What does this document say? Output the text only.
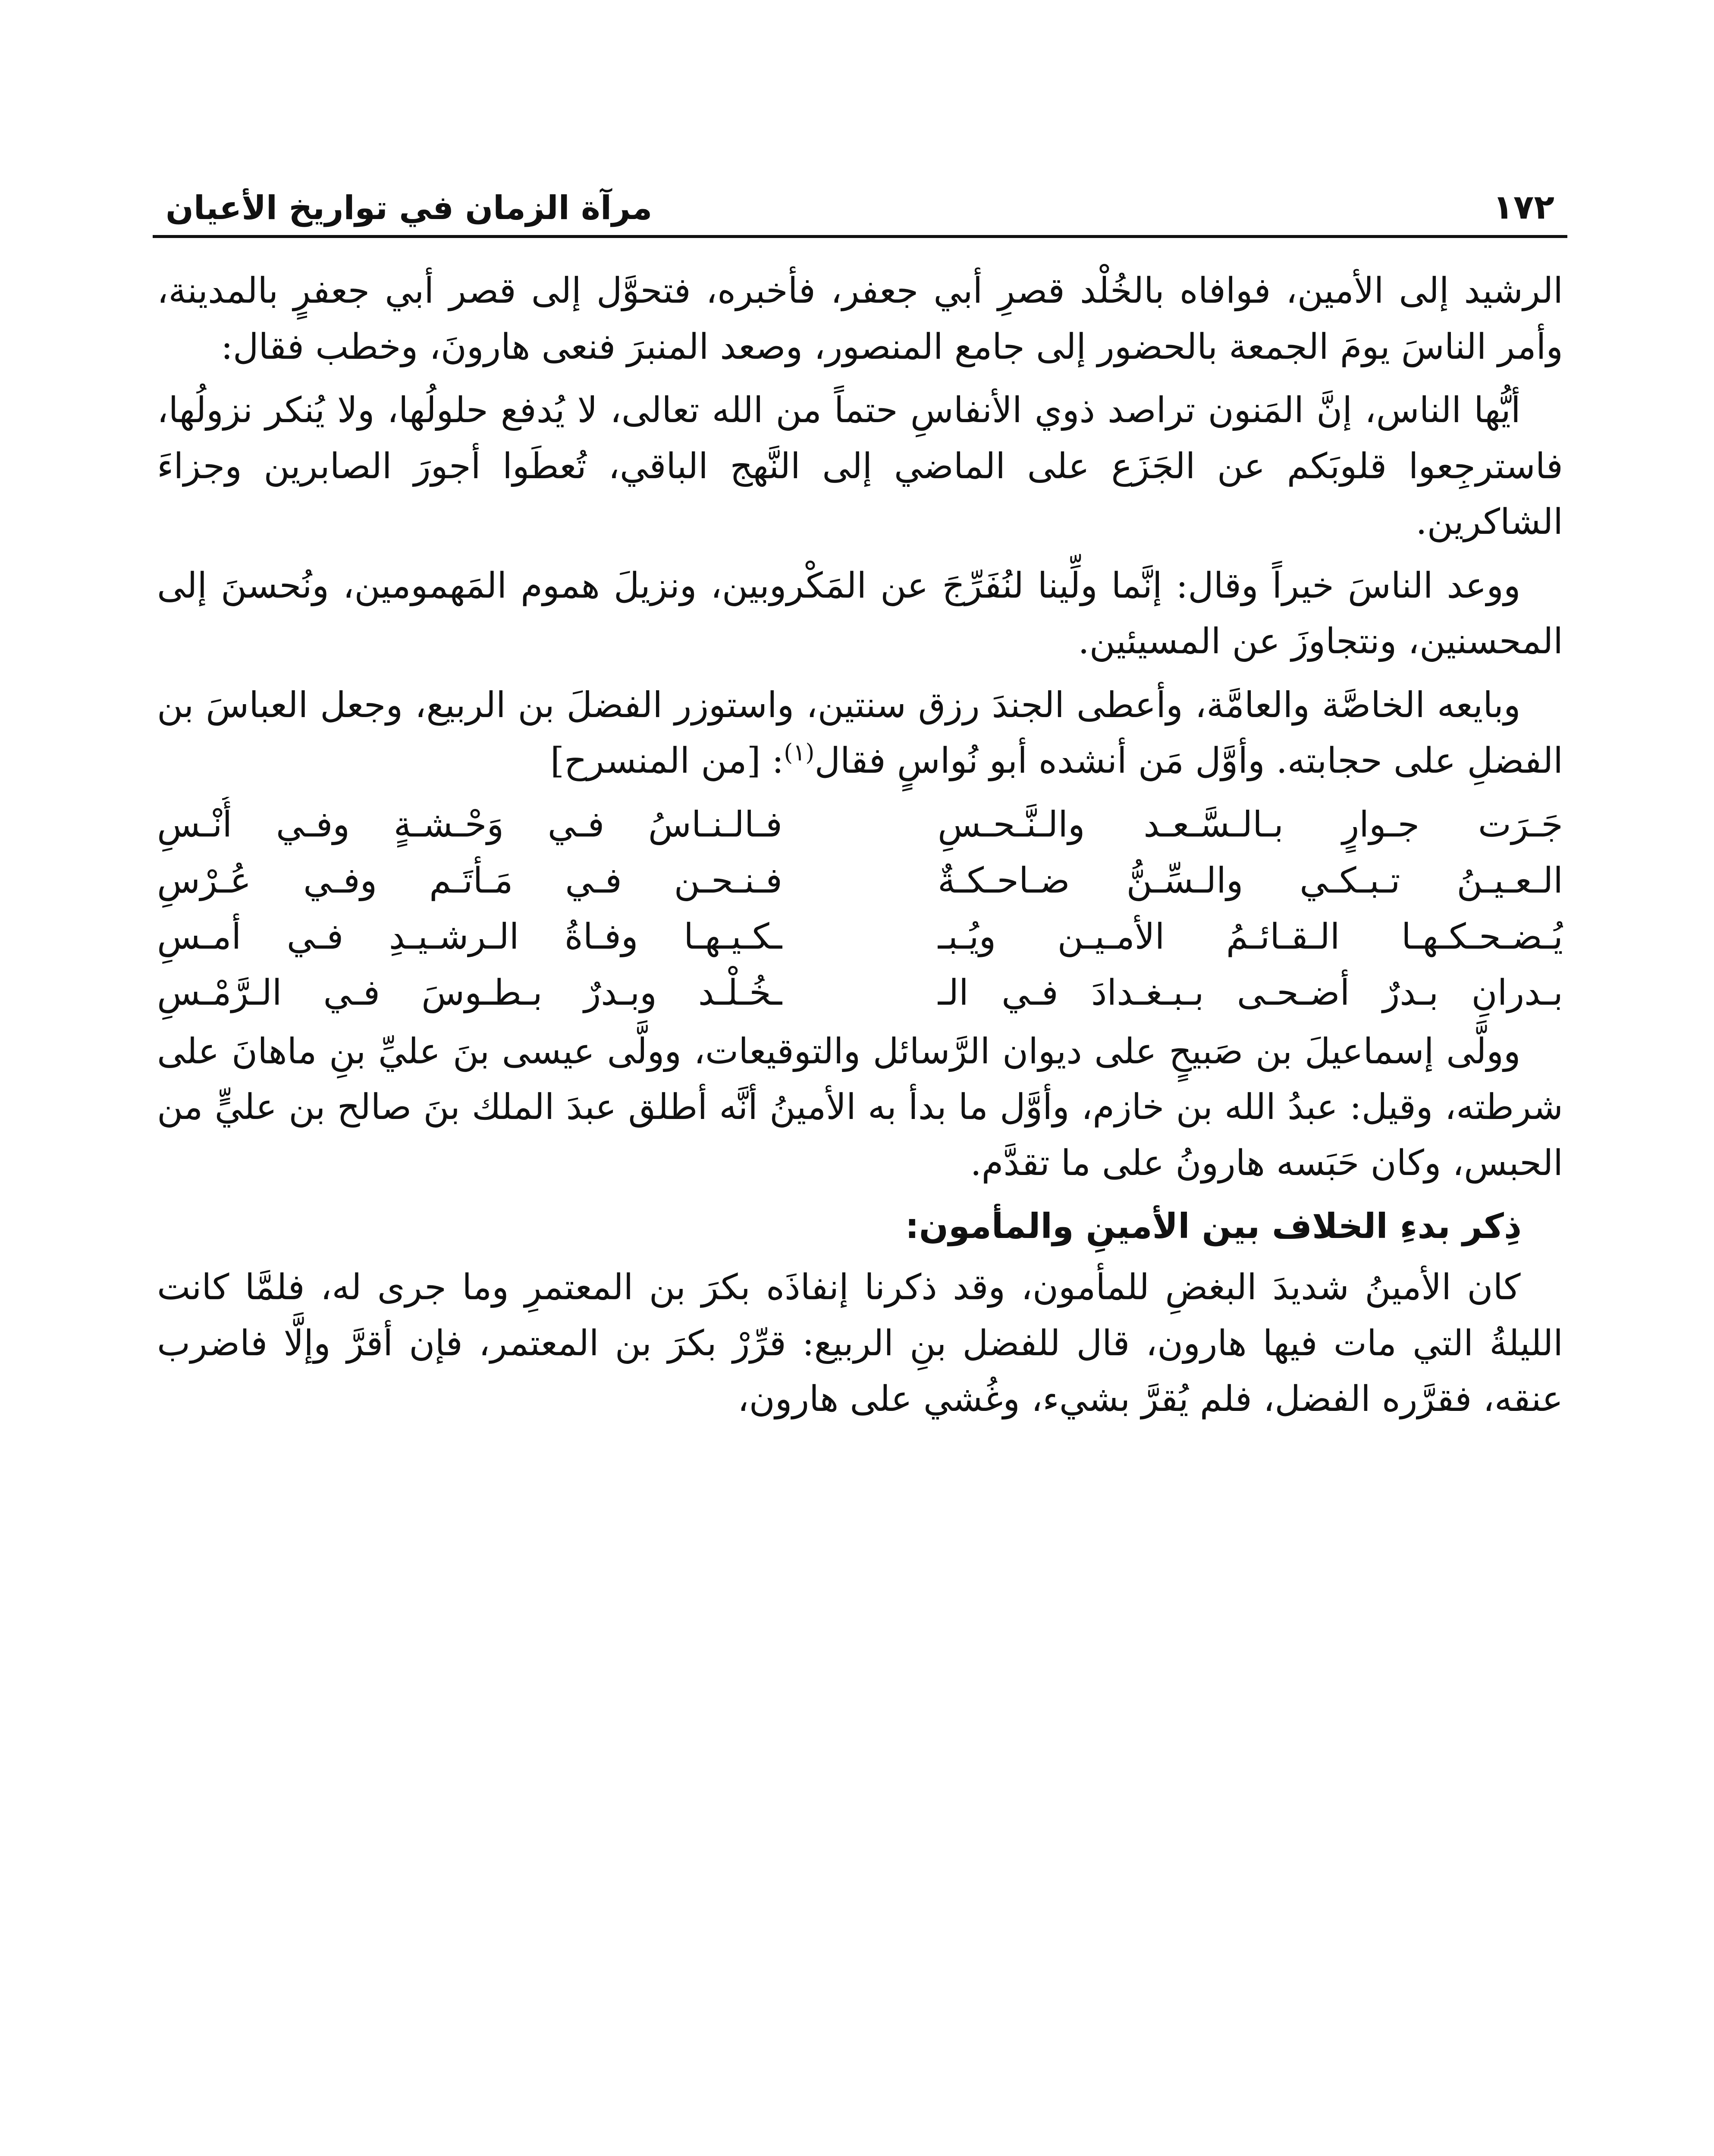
١٧٢
مرآة الزمان في تواريخ الأعيان

الرشيد إلى الأمين، فوافاه بالخُلْد قصرِ أبي جعفر، فأخبره، فتحوَّل إلى قصر أبي جعفرٍ بالمدينة، وأمر الناسَ يومَ الجمعة بالحضور إلى جامع المنصور، وصعد المنبرَ فنعى هارونَ، وخطب فقال:

أيُّها الناس، إنَّ المَنون تراصد ذوي الأنفاسِ حتماً من الله تعالى، لا يُدفع حلولُها، ولا يُنكر نزولُها، فاسترجِعوا قلوبَكم عن الجَزَع على الماضي إلى النَّهج الباقي، تُعطَوا أجورَ الصابرين وجزاءَ الشاكرين.

ووعد الناسَ خيراً وقال: إنَّما ولِّينا لنُفَرِّجَ عن المَكْروبين، ونزيلَ هموم المَهمومين، ونُحسنَ إلى المحسنين، ونتجاوزَ عن المسيئين.

وبايعه الخاصَّة والعامَّة، وأعطى الجندَ رزق سنتين، واستوزر الفضلَ بن الربيع، وجعل العباسَ بن الفضلِ على حجابته. وأوَّل مَن أنشده أبو نُواسٍ فقال$^{(١)}$: [من المنسرح]

جَـرَت جـوارٍ بـالـسَّـعـد والـنَّـحـسِ
فـالـنـاسُ فـي وَحْـشـةٍ وفـي أُنْـسِ
الـعـيـنُ تـبـكـي والـسِّـنُّ ضـاحـكـةٌ
فـنـحـن فـي مَـأتَـم وفـي عُـرْسِ
يُـضـحـكـهـا الـقـائـمُ الأمـيـن ويُـبـ
ـكـيـهـا وفـاةُ الـرشـيـدِ فـي أمـسِ
بـدرانِ بـدرٌ أضـحـى بـبـغـدادَ فـي الـ
ـخُـلْـد وبـدرٌ بـطـوسَ فـي الـرَّمْـسِ

وولَّى إسماعيلَ بن صَبيحٍ على ديوان الرَّسائل والتوقيعات، وولَّى عيسى بنَ عليِّ بنِ ماهانَ على شرطته، وقيل: عبدُ الله بن خازم، وأوَّل ما بدأ به الأمينُ أنَّه أطلق عبدَ الملك بنَ صالح بن عليٍّ من الحبس، وكان حَبَسه هارونُ على ما تقدَّم.

ذِكر بدءِ الخلاف بين الأمينِ والمأمون:

كان الأمينُ شديدَ البغضِ للمأمون، وقد ذكرنا إنفاذَه بكرَ بن المعتمرِ وما جرى له، فلمَّا كانت الليلةُ التي مات فيها هارون، قال للفضل بنِ الربيع: قرِّرْ بكرَ بن المعتمر، فإن أقرَّ وإلَّا فاضرب عنقه، فقرَّره الفضل، فلم يُقرَّ بشيء، وغُشي على هارون،
